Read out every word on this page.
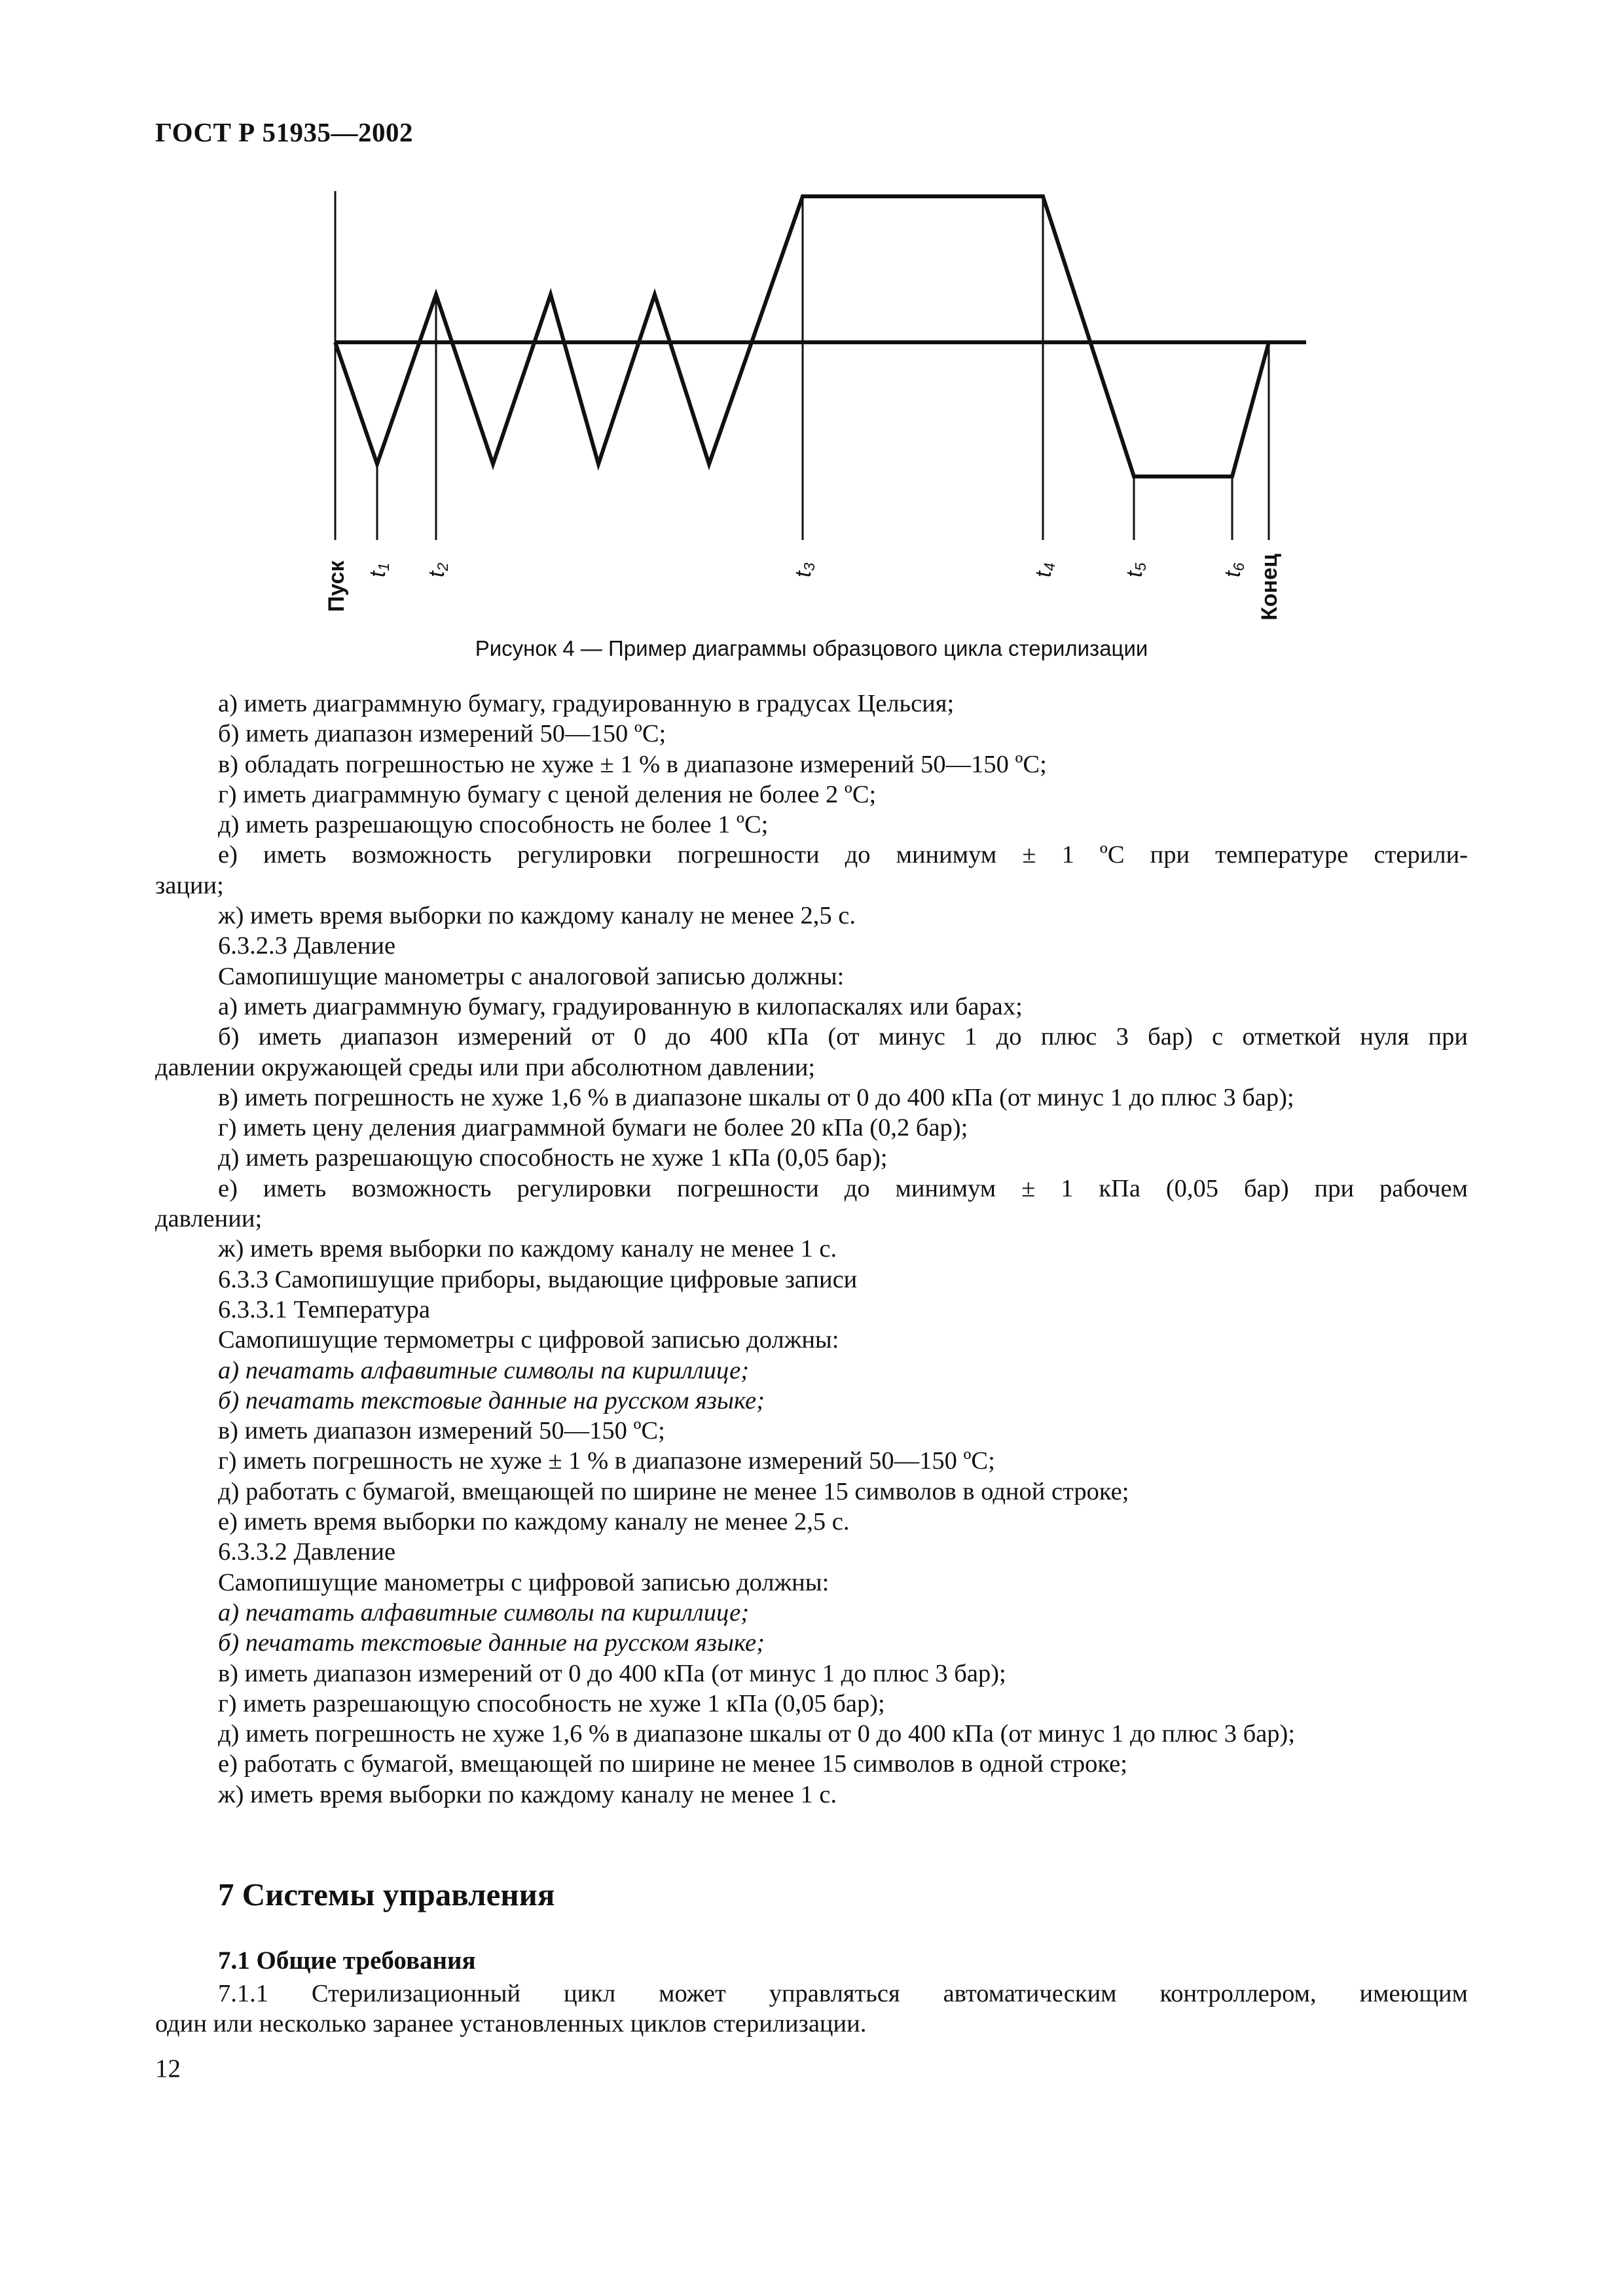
ГОСТ Р 51935—2002
Пуск t1
t2
t3
t4
t5
t6 Конец
Рисунок 4 — Пример диаграммы образцового цикла стерилизации
а) иметь диаграммную бумагу, градуированную в градусах Цельсия;
б) иметь диапазон измерений 50—150 ºС;
в) обладать погрешностью не хуже ± 1 % в диапазоне измерений 50—150 ºС;
г) иметь диаграммную бумагу с ценой деления не более 2 ºС;
д) иметь разрешающую способность не более 1 ºС;
е) иметь возможность регулировки погрешности до минимум ± 1 ºС при температуре стерили-
зации;
ж) иметь время выборки по каждому каналу не менее 2,5 с.
6.3.2.3 Давление
Самопишущие манометры с аналоговой записью должны:
а) иметь диаграммную бумагу, градуированную в килопаскалях или барах;
б) иметь диапазон измерений от 0 до 400 кПа (от минус 1 до плюс 3 бар) с отметкой нуля при
давлении окружающей среды или при абсолютном давлении;
в) иметь погрешность не хуже 1,6 % в диапазоне шкалы от 0 до 400 кПа (от минус 1 до плюс 3 бар);
г) иметь цену деления диаграммной бумаги не более 20 кПа (0,2 бар);
д) иметь разрешающую способность не хуже 1 кПа (0,05 бар);
е) иметь возможность регулировки погрешности до минимум ± 1 кПа (0,05 бар) при рабочем
давлении;
ж) иметь время выборки по каждому каналу не менее 1 с.
6.3.3 Самопишущие приборы, выдающие цифровые записи
6.3.3.1 Температура
Самопишущие термометры с цифровой записью должны:
а) печатать алфавитные символы па кириллице;
б) печатать текстовые данные на русском языке;
в) иметь диапазон измерений 50—150 ºС;
г) иметь погрешность не хуже ± 1 % в диапазоне измерений 50—150 ºС;
д) работать с бумагой, вмещающей по ширине не менее 15 символов в одной строке;
е) иметь время выборки по каждому каналу не менее 2,5 с.
6.3.3.2 Давление
Самопишущие манометры с цифровой записью должны:
а) печатать алфавитные символы па кириллице;
б) печатать текстовые данные на русском языке;
в) иметь диапазон измерений от 0 до 400 кПа (от минус 1 до плюс 3 бар);
г) иметь разрешающую способность не хуже 1 кПа (0,05 бар);
д) иметь погрешность не хуже 1,6 % в диапазоне шкалы от 0 до 400 кПа (от минус 1 до плюс 3 бар);
е) работать с бумагой, вмещающей по ширине не менее 15 символов в одной строке;
ж) иметь время выборки по каждому каналу не менее 1 с.
7 Системы управления
7.1 Общие требования
7.1.1 Стерилизационный цикл может управляться автоматическим контроллером, имеющим
один или несколько заранее установленных циклов стерилизации.
12
